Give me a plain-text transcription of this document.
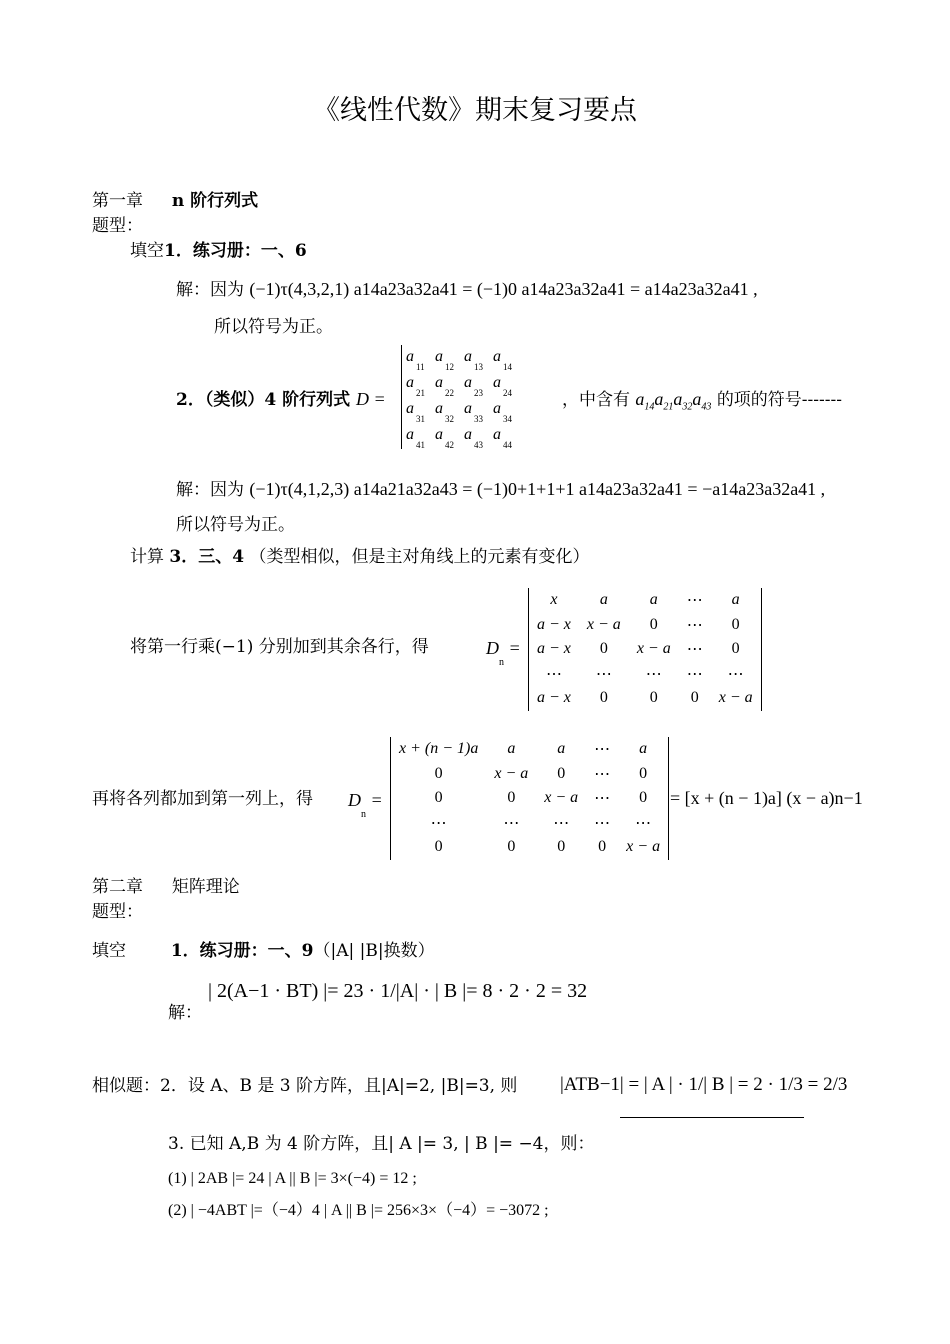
《线性代数》期末复习要点
第一章 n 阶行列式
题型：
填空1．练习册：一、6
解：因为 (−1)τ(4,3,2,1) a14a23a32a41 = (−1)0 a14a23a32a41 = a14a23a32a41 ,
所以符号为正。
2．（类似）4 阶行列式 D =
$a_{11}$	$a_{12}$	$a_{13}$	$a_{14}$
$a_{21}$	$a_{22}$	$a_{23}$	$a_{24}$
$a_{31}$	$a_{32}$	$a_{33}$	$a_{34}$
$a_{41}$	$a_{42}$	$a_{43}$	$a_{44}$
，中含有 $a_{14}a_{21}a_{32}a_{43}$ 的项的符号-------
解：因为 (−1)τ(4,1,2,3) a14a21a32a43 = (−1)0+1+1+1 a14a23a32a41 = −a14a23a32a41 ,
所以符号为正。
计算 3．三、4 （类型相似，但是主对角线上的元素有变化）
将第一行乘(−1) 分别加到其余各行，得	$D_n$ =
x	a	a	⋯	a
a − x	x − a	0	⋯	0
a − x	0	x − a	⋯	0
⋯	⋯	⋯	⋯	⋯
a − x	0	0	0	x − a
再将各列都加到第一列上，得 $D_n$ =
x + (n − 1)a	a	a	⋯	a
0	x − a	0	⋯	0
0	0	x − a	⋯	0
⋯	⋯	⋯	⋯	⋯
0	0	0	0	x − a
= [x + (n − 1)a] (x − a)n−1
第二章 矩阵理论
题型：
填空	1．练习册：一、9（|A| |B|换数）
解：
| 2(A−1 · BT) |= 23 · 1/|A| · | B |= 8 · 2 · 2 = 32
相似题：2．设 A、B 是 3 阶方阵，且|A|=2, |B|=3, 则 |ATB−1| = | A | · 1/| B | = 2 · 1/3 = 2/3
3. 已知 A,B 为 4 阶方阵，且| A |= 3, | B |= −4，则：
(1) | 2AB |= 24 | A || B |= 3×(−4) = 12 ;
(2) | −4ABT |=（−4）4 | A || B |= 256×3×（−4）= −3072 ;
